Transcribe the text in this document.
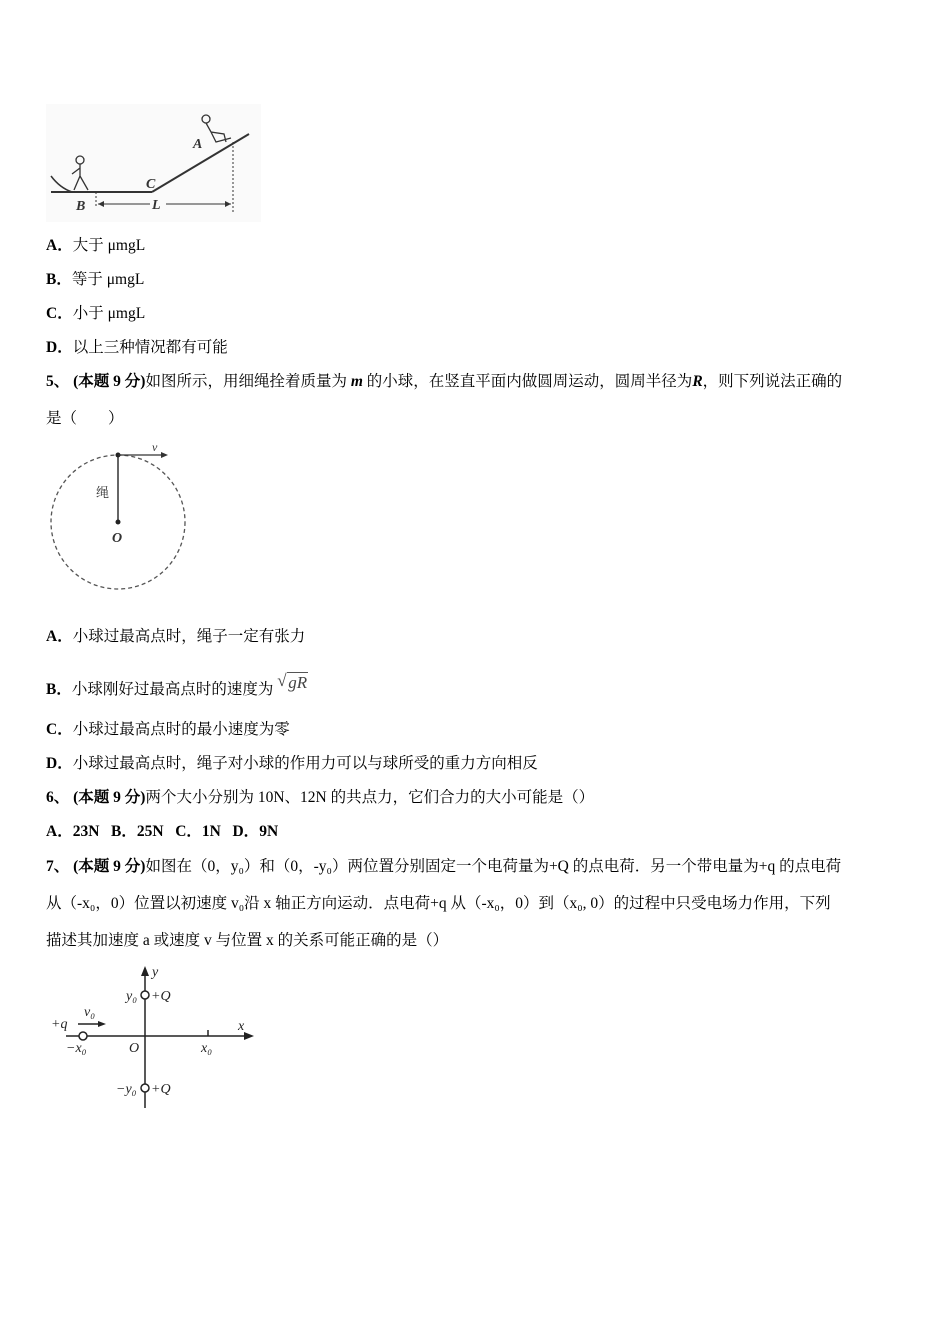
L
B
C
A
A．大于 μmgL
B．等于 μmgL
C．小于 μmgL
D．以上三种情况都有可能
5、 (本题 9 分)如图所示，用细绳拴着质量为 m 的小球，在竖直平面内做圆周运动，圆周半径为R，则下列说法正确的
是（　　）
v
绳
O
A．小球过最高点时，绳子一定有张力
B．小球刚好过最高点时的速度为 √ gR
C．小球过最高点时的最小速度为零
D．小球过最高点时，绳子对小球的作用力可以与球所受的重力方向相反
6、 (本题 9 分)两个大小分别为 10N、12N 的共点力，它们合力的大小可能是（）
A．23N B．25N C．1N D．9N
7、 (本题 9 分)如图在（0，y₀）和（0，-y₀）两位置分别固定一个电荷量为+Q 的点电荷．另一个带电量为+q 的点电荷
从（-x₀，0）位置以初速度 v₀沿 x 轴正方向运动．点电荷+q 从（-x₀，0）到（x₀, 0）的过程中只受电场力作用，下列
描述其加速度 a 或速度 v 与位置 x 的关系可能正确的是（）
y
x
O
y₀ +Q
−y₀ +Q
+q
v₀
−x₀	x₀
